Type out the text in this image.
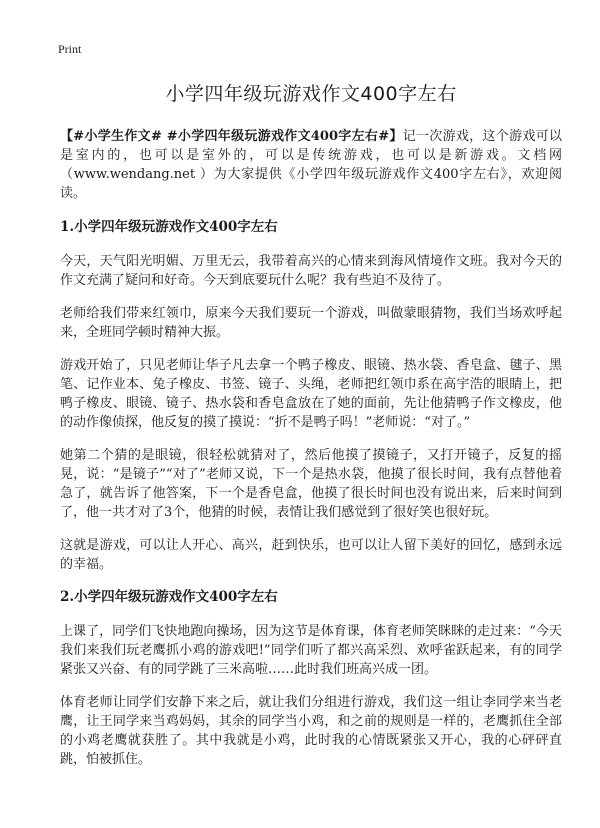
Print
小学四年级玩游戏作文400字左右

【#小学生作文# #小学四年级玩游戏作文400字左右#】记一次游戏，这个游戏可以是室内的，也可以是室外的，可以是传统游戏，也可以是新游戏。文档网（www.wendang.net ）为大家提供《小学四年级玩游戏作文400字左右》，欢迎阅读。

1.小学四年级玩游戏作文400字左右

今天，天气阳光明媚、万里无云，我带着高兴的心情来到海风情境作文班。我对今天的作文充满了疑问和好奇。今天到底要玩什么呢？我有些迫不及待了。

老师给我们带来红领巾，原来今天我们要玩一个游戏，叫做蒙眼猜物，我们当场欢呼起来，全班同学顿时精神大振。

游戏开始了，只见老师让华子凡去拿一个鸭子橡皮、眼镜、热水袋、香皂盒、毽子、黑笔、记作业本、兔子橡皮、书签、镜子、头绳，老师把红领巾系在高宇浩的眼睛上，把鸭子橡皮、眼镜、镜子、热水袋和香皂盒放在了她的面前，先让他猜鸭子作文橡皮，他的动作像侦探，他反复的摸了摸说：“折不是鸭子吗！”老师说：“对了。”

她第二个猜的是眼镜，很轻松就猜对了，然后他摸了摸镜子，又打开镜子，反复的摇晃，说：“是镜子”“对了”老师又说，下一个是热水袋，他摸了很长时间，我有点替他着急了，就告诉了他答案，下一个是香皂盒，他摸了很长时间也没有说出来，后来时间到了，他一共才对了3个，他猜的时候，表情让我们感觉到了很好笑也很好玩。

这就是游戏，可以让人开心、高兴，赶到快乐，也可以让人留下美好的回忆，感到永远的幸福。

2.小学四年级玩游戏作文400字左右

上课了，同学们飞快地跑向操场，因为这节是体育课，体育老师笑眯眯的走过来：“今天我们来我们玩老鹰抓小鸡的游戏吧!”同学们听了都兴高采烈、欢呼雀跃起来，有的同学紧张又兴奋、有的同学跳了三米高啦……此时我们班高兴成一团。

体育老师让同学们安静下来之后，就让我们分组进行游戏，我们这一组让李同学来当老鹰，让王同学来当鸡妈妈，其余的同学当小鸡，和之前的规则是一样的，老鹰抓住全部的小鸡老鹰就获胜了。其中我就是小鸡，此时我的心情既紧张又开心，我的心砰砰直跳，怕被抓住。
